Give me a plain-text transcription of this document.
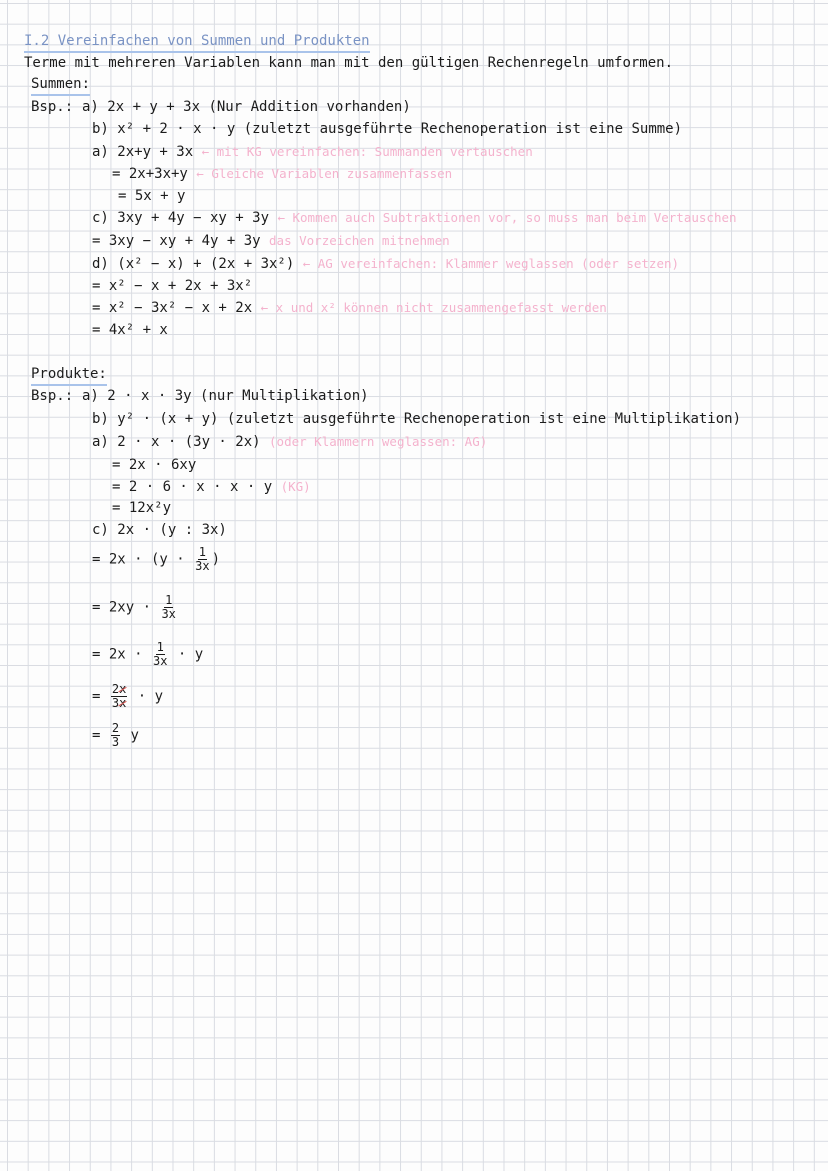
I.2 Vereinfachen von Summen und Produkten
Terme mit mehreren Variablen kann man mit den gültigen Rechenregeln umformen.
Summen:
Bsp.: a) 2x + y + 3x (Nur Addition vorhanden)
b) x² + 2 · x · y (zuletzt ausgeführte Rechenoperation ist eine Summe)
a) 2x+y + 3x ← mit KG vereinfachen: Summanden vertauschen
= 2x+3x+y ← Gleiche Variablen zusammenfassen
= 5x + y
c) 3xy + 4y − xy + 3y ← Kommen auch Subtraktionen vor, so muss man beim Vertauschen
= 3xy − xy + 4y + 3y das Vorzeichen mitnehmen
d) (x² − x) + (2x + 3x²) ← AG vereinfachen: Klammer weglassen (oder setzen)
= x² − x + 2x + 3x²
= x² − 3x² − x + 2x ← x und x² können nicht zusammengefasst werden
= 4x² + x
Produkte:
Bsp.: a) 2 · x · 3y (nur Multiplikation)
b) y² · (x + y) (zuletzt ausgeführte Rechenoperation ist eine Multiplikation)
a) 2 · x · (3y · 2x) (oder Klammern weglassen: AG)
= 2x · 6xy
= 2 · 6 · x · x · y (KG)
= 12x²y
c) 2x · (y : 3x)
= $2x \cdot (y \cdot \frac{1}{3x}$ )
= $2xy \cdot \frac{1}{3x}$
= $2x \cdot \frac{1}{3x} \cdot y$
= $\frac{2x}{3x} \cdot y$
= $\frac{2}{3}$ y
